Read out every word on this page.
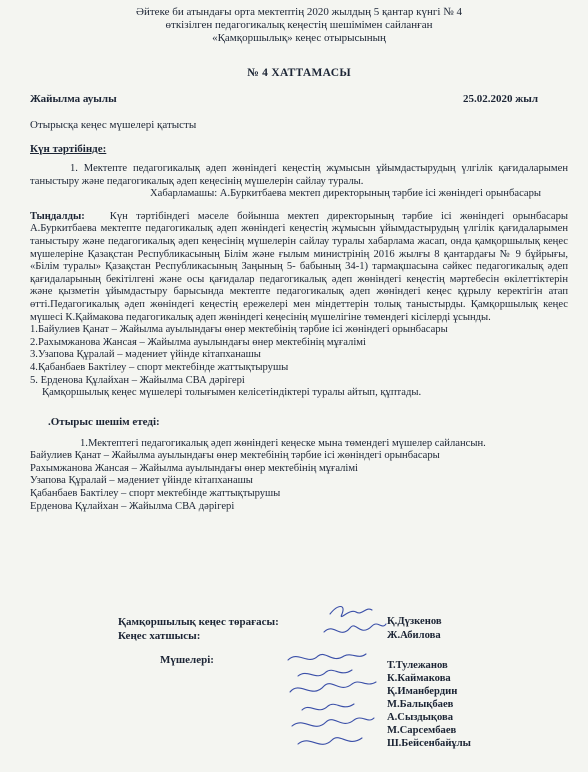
Әйтеке би атындағы орта мектептің 2020 жылдың 5 қантар күнгі № 4
өткізілген педагогикалық кеңестің шешімімен сайланған
«Қамқоршылық» кеңес отырысының
№ 4 ХАТТАМАСЫ
Жайылма ауылы	25.02.2020 жыл
Отырысқа кеңес мүшелері қатысты
Күн тәртібінде:

1. Мектепте педагогикалық әдеп жөніндегі кеңестің жұмысын ұйымдастырудың үлгілік қағидаларымен таныстыру және педагогикалық әдеп кеңесінің мүшелерін сайлау туралы.

Хабарламашы: А.Буркитбаева мектеп директорының тәрбие ісі жөніндегі орынбасары

Тыңдалды: Күн тәртібіндегі мәселе бойынша мектеп директорының тәрбие ісі жөніндегі орынбасары А.Буркитбаева мектепте педагогикалық әдеп жөніндегі кеңестің жұмысын ұйымдастырудың үлгілік қағидаларымен таныстыру және педагогикалық әдеп кеңесінің мүшелерін сайлау туралы хабарлама жасап, онда қамқоршылық кеңес мүшелеріне Қазақстан Республикасының Білім және ғылым министрінің 2016 жылғы 8 қантардағы № 9 бұйрығы, «Білім туралы» Қазақстан Республикасының Заңының 5- бабының 34-1) тармақшасына сәйкес педагогикалық әдеп қағидаларының бекітілгені және осы қағидалар педагогикалық әдеп жөніндегі кеңестің мәртебесін өкілеттіктерін және қызметін ұйымдастыру барысында мектепте педагогикалық әдеп жөніндегі кеңес құрылу керектігін атап өтті.Педагогикалық әдеп жөніндегі кеңестің ережелері мен міндеттерін толық таныстырды. Қамқоршылық кеңес мүшесі К.Қаймакова педагогикалық әдеп жөніндегі кеңесінің мүшелігіне төмендегі кісілерді ұсынды.

1.Байулиев Қанат – Жайылма ауылындағы өнер мектебінің тәрбие ісі жөніндегі орынбасары
2.Рахымжанова Жансая – Жайылма ауылындағы өнер мектебінің мұғалімі
3.Узапова Құралай – мәдениет үйінде кітапханашы
4.Қабанбаев Бактілеу – спорт мектебінде жаттықтырушы
5. Ерденова Құлайхан – Жайылма СВА дәрігері

Қамқоршылық кеңес мүшелері толығымен келісетіндіктері туралы айтып, құптады.

.Отырыс шешім етеді:

1.Мектептегі педагогикалық әдеп жөніндегі кеңеске мына төмендегі мүшелер сайлансын.

Байулиев Қанат – Жайылма ауылындағы өнер мектебінің тәрбие ісі жөніндегі орынбасары
Рахымжанова Жансая – Жайылма ауылындағы өнер мектебінің мұғалімі
Узапова Құралай – мәдениет үйінде кітапханашы
Қабанбаев Бактілеу – спорт мектебінде жаттықтырушы
Ерденова Құлайхан – Жайылма СВА дәрігері
Қамқоршылық кеңес төрағасы:	Қ.Дүзкенов
Кеңес хатшысы:	Ж.Абилова
Мүшелері:	Т.Тулежанов
К.Каймакова
Қ.Иманбердин
М.Балықбаев
А.Сыздықова
М.Сарсембаев
Ш.Бейсенбайұлы
